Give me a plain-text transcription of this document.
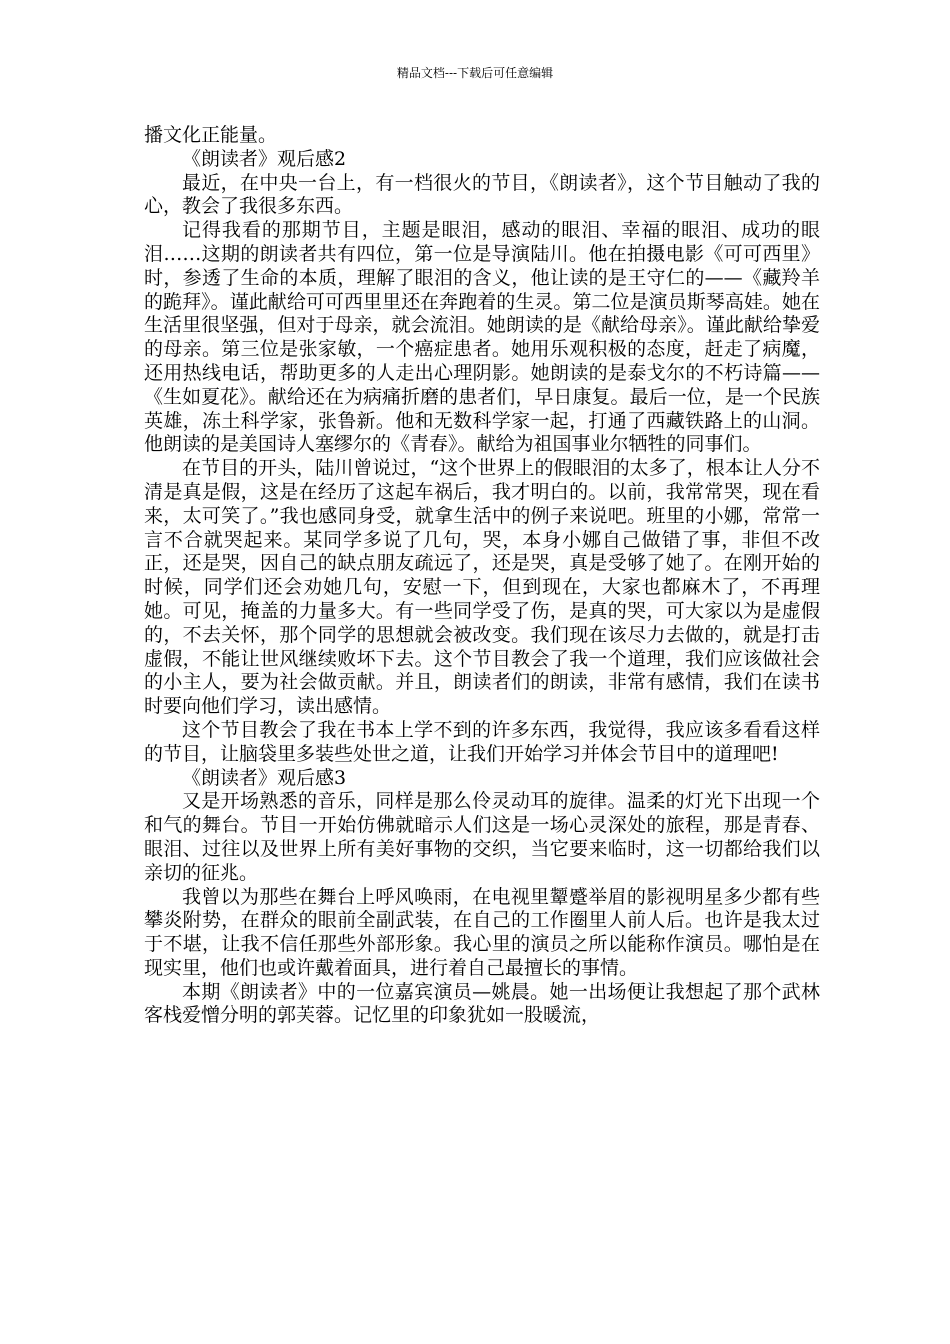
精品文档---下载后可任意编辑

播文化正能量。

《朗读者》观后感2

最近，在中央一台上，有一档很火的节目，《朗读者》，这个节目触动了我的心，教会了我很多东西。

记得我看的那期节目，主题是眼泪，感动的眼泪、幸福的眼泪、成功的眼泪……这期的朗读者共有四位，第一位是导演陆川。他在拍摄电影《可可西里》时，参透了生命的本质，理解了眼泪的含义，他让读的是王守仁的——《藏羚羊的跪拜》。谨此献给可可西里里还在奔跑着的生灵。第二位是演员斯琴高娃。她在生活里很坚强，但对于母亲，就会流泪。她朗读的是《献给母亲》。谨此献给挚爱的母亲。第三位是张家敏，一个癌症患者。她用乐观积极的态度，赶走了病魔，还用热线电话，帮助更多的人走出心理阴影。她朗读的是泰戈尔的不朽诗篇——《生如夏花》。献给还在为病痛折磨的患者们，早日康复。最后一位，是一个民族英雄，冻土科学家，张鲁新。他和无数科学家一起，打通了西藏铁路上的山洞。他朗读的是美国诗人塞缪尔的《青春》。献给为祖国事业尔牺牲的同事们。

在节目的开头，陆川曾说过，“这个世界上的假眼泪的太多了，根本让人分不清是真是假，这是在经历了这起车祸后，我才明白的。以前，我常常哭，现在看来，太可笑了。”我也感同身受，就拿生活中的例子来说吧。班里的小娜，常常一言不合就哭起来。某同学多说了几句，哭，本身小娜自己做错了事，非但不改正，还是哭，因自己的缺点朋友疏远了，还是哭，真是受够了她了。在刚开始的时候，同学们还会劝她几句，安慰一下，但到现在，大家也都麻木了，不再理她。可见，掩盖的力量多大。有一些同学受了伤，是真的哭，可大家以为是虚假的，不去关怀，那个同学的思想就会被改变。我们现在该尽力去做的，就是打击虚假，不能让世风继续败坏下去。这个节目教会了我一个道理，我们应该做社会的小主人，要为社会做贡献。并且，朗读者们的朗读，非常有感情，我们在读书时要向他们学习，读出感情。

这个节目教会了我在书本上学不到的许多东西，我觉得，我应该多看看这样的节目，让脑袋里多装些处世之道，让我们开始学习并体会节目中的道理吧!

《朗读者》观后感3

又是开场熟悉的音乐，同样是那么伶灵动耳的旋律。温柔的灯光下出现一个和气的舞台。节目一开始仿佛就暗示人们这是一场心灵深处的旅程，那是青春、眼泪、过往以及世界上所有美好事物的交织，当它要来临时，这一切都给我们以亲切的征兆。

我曾以为那些在舞台上呼风唤雨，在电视里颦蹙举眉的影视明星多少都有些攀炎附势，在群众的眼前全副武装，在自己的工作圈里人前人后。也许是我太过于不堪，让我不信任那些外部形象。我心里的演员之所以能称作演员。哪怕是在现实里，他们也或许戴着面具，进行着自己最擅长的事情。

本期《朗读者》中的一位嘉宾演员—姚晨。她一出场便让我想起了那个武林客栈爱憎分明的郭芙蓉。记忆里的印象犹如一股暖流，
